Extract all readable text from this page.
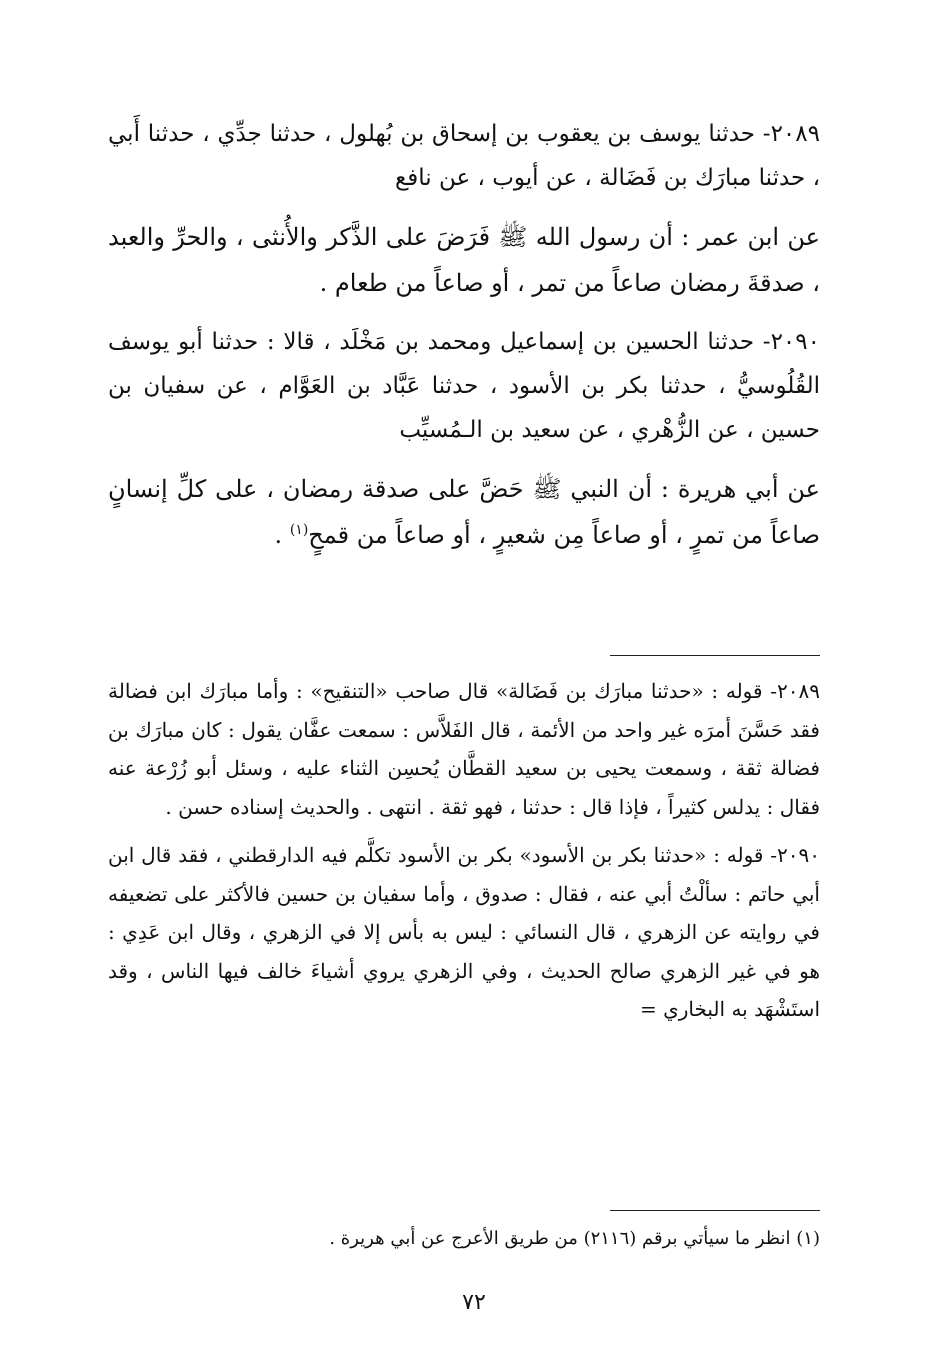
٢٠٨٩- حدثنا يوسف بن يعقوب بن إسحاق بن بُهلول ، حدثنا جدِّي ، حدثنا أَبي ، حدثنا مبارَك بن فَضَالة ، عن أيوب ، عن نافع

عن ابن عمر : أن رسول الله ﷺ فَرَضَ على الذَّكر والأُنثى ، والحرِّ والعبد ، صدقةَ رمضان صاعاً من تمر ، أو صاعاً من طعام .

٢٠٩٠- حدثنا الحسين بن إسماعيل ومحمد بن مَخْلَد ، قالا : حدثنا أبو يوسف القُلُوسيُّ ، حدثنا بكر بن الأسود ، حدثنا عَبَّاد بن العَوَّام ، عن سفيان بن حسين ، عن الزُّهْري ، عن سعيد بن الـمُسيِّب

عن أبي هريرة : أن النبي ﷺ حَضَّ على صدقة رمضان ، على كلِّ إنسانٍ صاعاً من تمرٍ ، أو صاعاً مِن شعيرٍ ، أو صاعاً من قمحٍ$^{(١)}$ .

٢٠٨٩- قوله : «حدثنا مبارَك بن فَضَالة» قال صاحب «التنقيح» : وأما مبارَك ابن فضالة فقد حَسَّنَ أمرَه غير واحد من الأئمة ، قال الفَلاَّس : سمعت عفَّان يقول : كان مبارَك بن فضالة ثقة ، وسمعت يحيى بن سعيد القطَّان يُحسِن الثناء عليه ، وسئل أبو زُرْعة عنه فقال : يدلس كثيراً ، فإذا قال : حدثنا ، فهو ثقة . انتهى . والحديث إسناده حسن .

٢٠٩٠- قوله : «حدثنا بكر بن الأسود» بكر بن الأسود تكلَّم فيه الدارقطني ، فقد قال ابن أبي حاتم : سألْتُ أبي عنه ، فقال : صدوق ، وأما سفيان بن حسين فالأكثر على تضعيفه في روايته عن الزهري ، قال النسائي : ليس به بأس إلا في الزهري ، وقال ابن عَدِي : هو في غير الزهري صالح الحديث ، وفي الزهري يروي أشياءَ خالف فيها الناس ، وقد استَشْهَد به البخاري =

(١) انظر ما سيأتي برقم (٢١١٦) من طريق الأعرج عن أبي هريرة .
٧٢
